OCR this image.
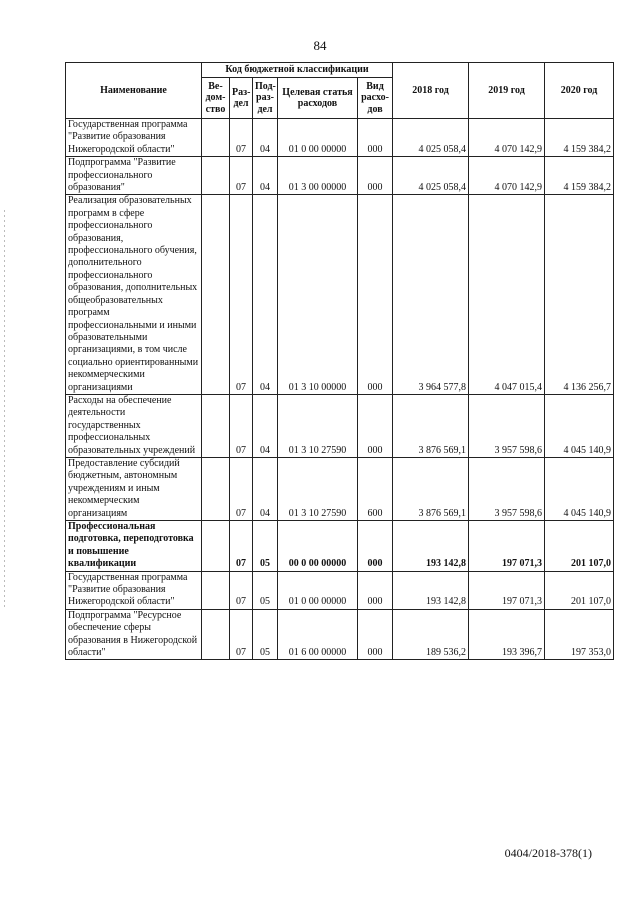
84
Наименование	Код бюджетной классификации					2018 год	2019 год	2020 год
	Ве-дом-ство	Раз-дел	Под-раз-дел	Целевая статья расходов	Вид расхо-дов			
Государственная программа "Развитие образования Нижегородской области"		07	04	01 0 00 00000	000	4 025 058,4	4 070 142,9	4 159 384,2
Подпрограмма "Развитие профессионального образования"		07	04	01 3 00 00000	000	4 025 058,4	4 070 142,9	4 159 384,2
Реализация образовательных программ в сфере профессионального образования, профессионального обучения, дополнительного профессионального образования, дополнительных общеобразовательных программ профессиональными и иными образовательными организациями, в том числе социально ориентированными некоммерческими организациями		07	04	01 3 10 00000	000	3 964 577,8	4 047 015,4	4 136 256,7
Расходы на обеспечение деятельности государственных профессиональных образовательных учреждений		07	04	01 3 10 27590	000	3 876 569,1	3 957 598,6	4 045 140,9
Предоставление субсидий бюджетным, автономным учреждениям и иным некоммерческим организациям		07	04	01 3 10 27590	600	3 876 569,1	3 957 598,6	4 045 140,9
Профессиональная подготовка, переподготовка и повышение квалификации		07	05	00 0 00 00000	000	193 142,8	197 071,3	201 107,0
Государственная программа "Развитие образования Нижегородской области"		07	05	01 0 00 00000	000	193 142,8	197 071,3	201 107,0
Подпрограмма "Ресурсное обеспечение сферы образования в Нижегородской области"		07	05	01 6 00 00000	000	189 536,2	193 396,7	197 353,0
0404/2018-378(1)
